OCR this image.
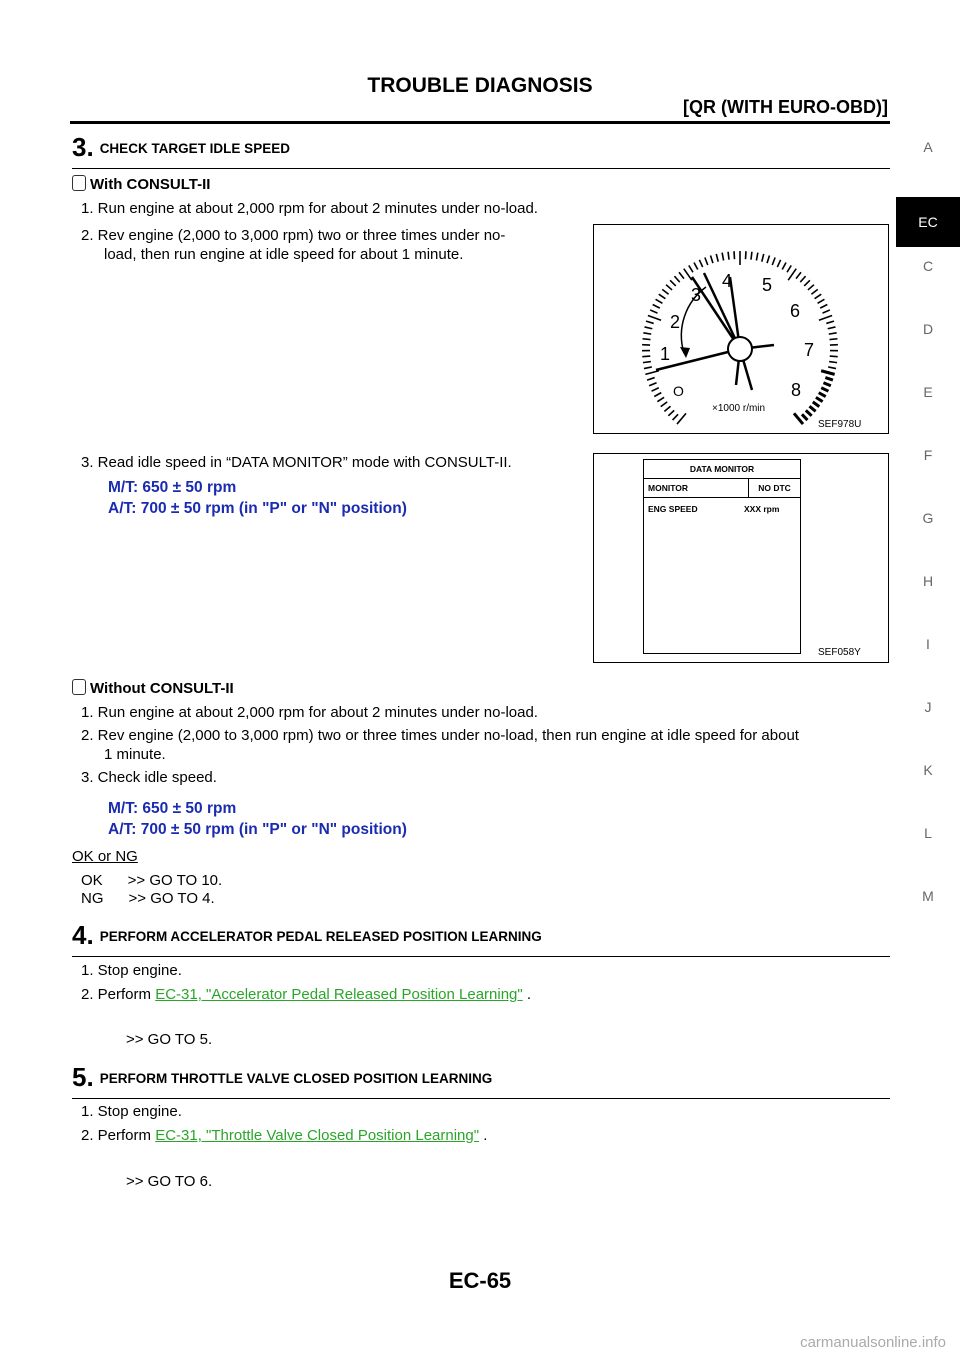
TROUBLE DIAGNOSIS
[QR (WITH EURO-OBD)]
A
EC
C
D
E
F
G
H
I
J
K
L
M
3. CHECK TARGET IDLE SPEED
With CONSULT-II
1. Run engine at about 2,000 rpm for about 2 minutes under no-load.
2. Rev engine (2,000 to 3,000 rpm) two or three times under no-
load, then run engine at idle speed for about 1 minute.
3. Read idle speed in “DATA MONITOR” mode with CONSULT-II.
M/T: 650 ± 50 rpm
A/T: 700 ± 50 rpm (in "P" or "N" position)
O
1
2
3
4 5
6
7
8
×1000 r/min
SEF978U
DATA MONITOR
MONITOR	NO DTC
ENG SPEED	XXX rpm
SEF058Y
Without CONSULT-II
1. Run engine at about 2,000 rpm for about 2 minutes under no-load.
2. Rev engine (2,000 to 3,000 rpm) two or three times under no-load, then run engine at idle speed for about
1 minute.
3. Check idle speed.
M/T: 650 ± 50 rpm
A/T: 700 ± 50 rpm (in "P" or "N" position)
OK or NG
OK      >> GO TO 10.
NG      >> GO TO 4.
4. PERFORM ACCELERATOR PEDAL RELEASED POSITION LEARNING
1. Stop engine.
2. Perform EC-31, "Accelerator Pedal Released Position Learning" .
>> GO TO 5.
5. PERFORM THROTTLE VALVE CLOSED POSITION LEARNING
1. Stop engine.
2. Perform EC-31, "Throttle Valve Closed Position Learning" .
>> GO TO 6.
EC-65
carmanualsonline.info
